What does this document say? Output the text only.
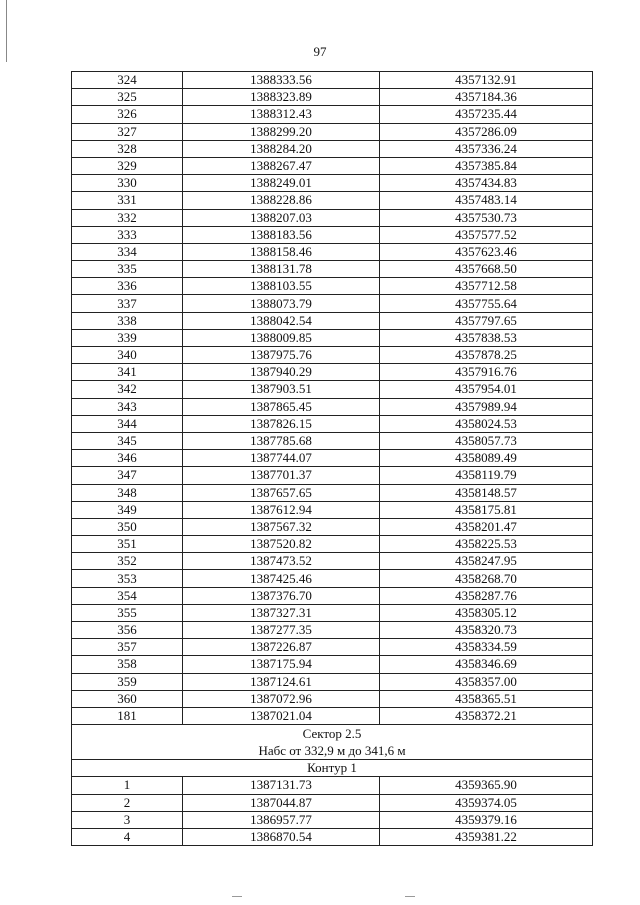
97
324	1388333.56	4357132.91
325	1388323.89	4357184.36
326	1388312.43	4357235.44
327	1388299.20	4357286.09
328	1388284.20	4357336.24
329	1388267.47	4357385.84
330	1388249.01	4357434.83
331	1388228.86	4357483.14
332	1388207.03	4357530.73
333	1388183.56	4357577.52
334	1388158.46	4357623.46
335	1388131.78	4357668.50
336	1388103.55	4357712.58
337	1388073.79	4357755.64
338	1388042.54	4357797.65
339	1388009.85	4357838.53
340	1387975.76	4357878.25
341	1387940.29	4357916.76
342	1387903.51	4357954.01
343	1387865.45	4357989.94
344	1387826.15	4358024.53
345	1387785.68	4358057.73
346	1387744.07	4358089.49
347	1387701.37	4358119.79
348	1387657.65	4358148.57
349	1387612.94	4358175.81
350	1387567.32	4358201.47
351	1387520.82	4358225.53
352	1387473.52	4358247.95
353	1387425.46	4358268.70
354	1387376.70	4358287.76
355	1387327.31	4358305.12
356	1387277.35	4358320.73
357	1387226.87	4358334.59
358	1387175.94	4358346.69
359	1387124.61	4358357.00
360	1387072.96	4358365.51
181	1387021.04	4358372.21

Сектор 2.5
Набс от 332,9 м до 341,6 м		

Контур 1		
1	1387131.73	4359365.90
2	1387044.87	4359374.05
3	1386957.77	4359379.16
4	1386870.54	4359381.22
